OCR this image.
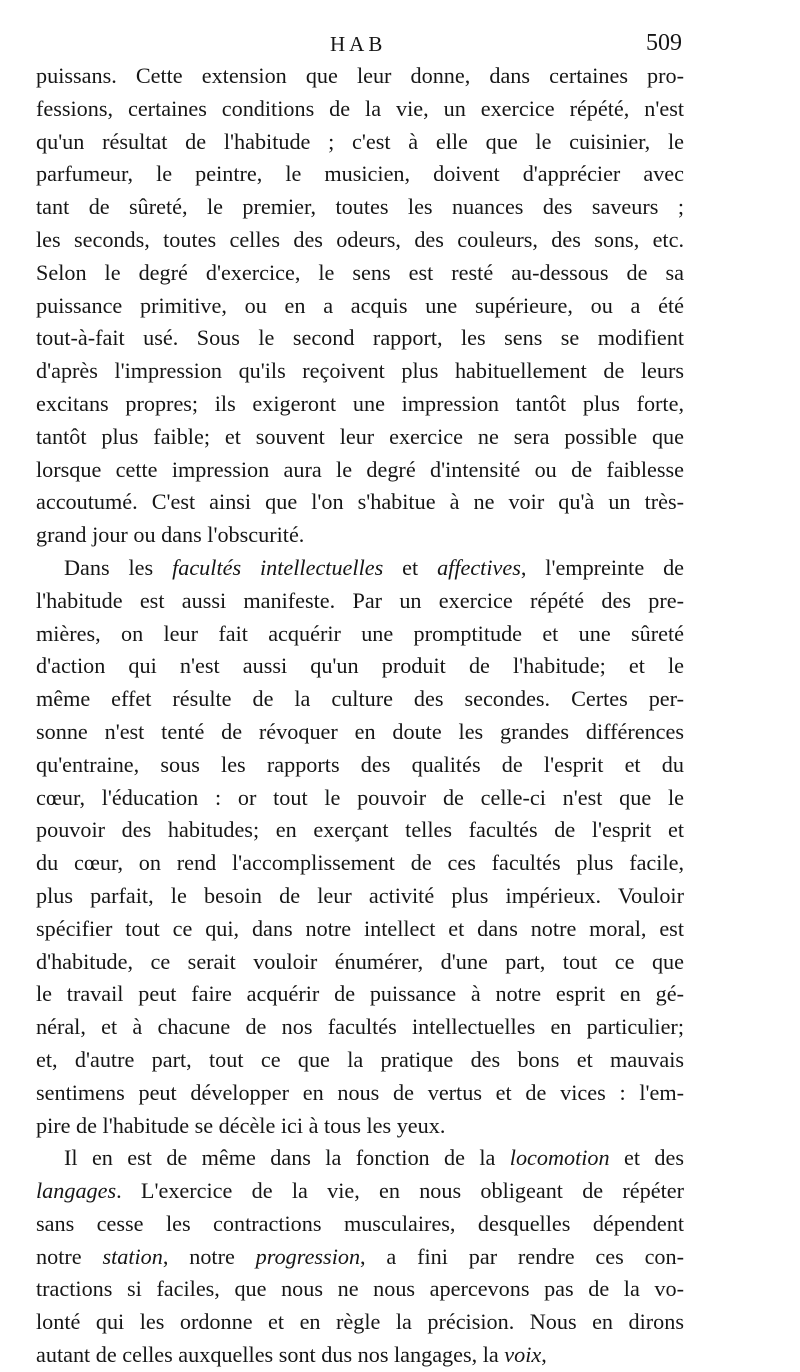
HAB	509
puissans. Cette extension que leur donne, dans certaines pro-
fessions, certaines conditions de la vie, un exercice répété, n'est
qu'un résultat de l'habitude ; c'est à elle que le cuisinier, le
parfumeur, le peintre, le musicien, doivent d'apprécier avec
tant de sûreté, le premier, toutes les nuances des saveurs ;
les seconds, toutes celles des odeurs, des couleurs, des sons, etc.
Selon le degré d'exercice, le sens est resté au-dessous de sa
puissance primitive, ou en a acquis une supérieure, ou a été
tout-à-fait usé. Sous le second rapport, les sens se modifient
d'après l'impression qu'ils reçoivent plus habituellement de leurs
excitans propres; ils exigeront une impression tantôt plus forte,
tantôt plus faible; et souvent leur exercice ne sera possible que
lorsque cette impression aura le degré d'intensité ou de faiblesse
accoutumé. C'est ainsi que l'on s'habitue à ne voir qu'à un très-
grand jour ou dans l'obscurité.
Dans les facultés intellectuelles et affectives, l'empreinte de
l'habitude est aussi manifeste. Par un exercice répété des pre-
mières, on leur fait acquérir une promptitude et une sûreté
d'action qui n'est aussi qu'un produit de l'habitude; et le
même effet résulte de la culture des secondes. Certes per-
sonne n'est tenté de révoquer en doute les grandes différences
qu'entraine, sous les rapports des qualités de l'esprit et du
cœur, l'éducation : or tout le pouvoir de celle-ci n'est que le
pouvoir des habitudes; en exerçant telles facultés de l'esprit et
du cœur, on rend l'accomplissement de ces facultés plus facile,
plus parfait, le besoin de leur activité plus impérieux. Vouloir
spécifier tout ce qui, dans notre intellect et dans notre moral, est
d'habitude, ce serait vouloir énumérer, d'une part, tout ce que
le travail peut faire acquérir de puissance à notre esprit en gé-
néral, et à chacune de nos facultés intellectuelles en particulier;
et, d'autre part, tout ce que la pratique des bons et mauvais
sentimens peut développer en nous de vertus et de vices : l'em-
pire de l'habitude se décèle ici à tous les yeux.
Il en est de même dans la fonction de la locomotion et des
langages. L'exercice de la vie, en nous obligeant de répéter
sans cesse les contractions musculaires, desquelles dépendent
notre station, notre progression, a fini par rendre ces con-
tractions si faciles, que nous ne nous apercevons pas de la vo-
lonté qui les ordonne et en règle la précision. Nous en dirons
autant de celles auxquelles sont dus nos langages, la voix,
